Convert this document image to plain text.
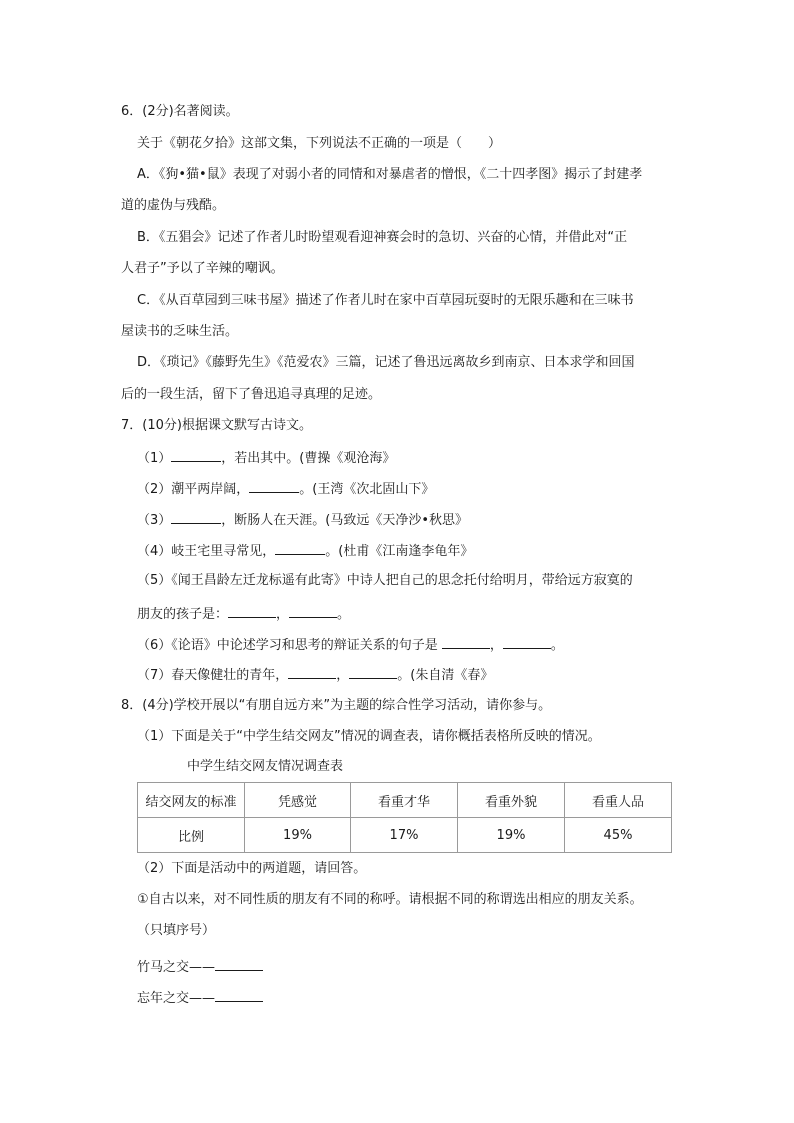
6．(2分)名著阅读。
关于《朝花夕拾》这部文集，下列说法不正确的一项是（　　）
A．《狗•猫•鼠》表现了对弱小者的同情和对暴虐者的憎恨，《二十四孝图》揭示了封建孝
道的虚伪与残酷。
B．《五猖会》记述了作者儿时盼望观看迎神赛会时的急切、兴奋的心情，并借此对“正
人君子”予以了辛辣的嘲讽。
C．《从百草园到三味书屋》描述了作者儿时在家中百草园玩耍时的无限乐趣和在三味书
屋读书的乏味生活。
D．《琐记》《藤野先生》《范爱农》三篇，记述了鲁迅远离故乡到南京、日本求学和回国
后的一段生活，留下了鲁迅追寻真理的足迹。
7．(10分)根据课文默写古诗文。
（1）	，若出其中。(曹操《观沧海》
（2）潮平两岸阔，	。(王湾《次北固山下》
（3）	，断肠人在天涯。(马致远《天净沙•秋思》
（4）岐王宅里寻常见，	。(杜甫《江南逢李龟年》
（5）《闻王昌龄左迁龙标遥有此寄》中诗人把自己的思念托付给明月，带给远方寂寞的
朋友的孩子是：	，	。
（6）《论语》中论述学习和思考的辩证关系的句子是	，	。
（7）春天像健壮的青年，	，	。(朱自清《春》
8．(4分)学校开展以“有朋自远方来”为主题的综合性学习活动，请你参与。
（1）下面是关于“中学生结交网友”情况的调查表，请你概括表格所反映的情况。
中学生结交网友情况调查表
结交网友的标准	凭感觉	看重才华	看重外貌	看重人品
比例	19%	17%	19%	45%
（2）下面是活动中的两道题，请回答。
①自古以来，对不同性质的朋友有不同的称呼。请根据不同的称谓选出相应的朋友关系。
（只填序号）
竹马之交——
忘年之交——
